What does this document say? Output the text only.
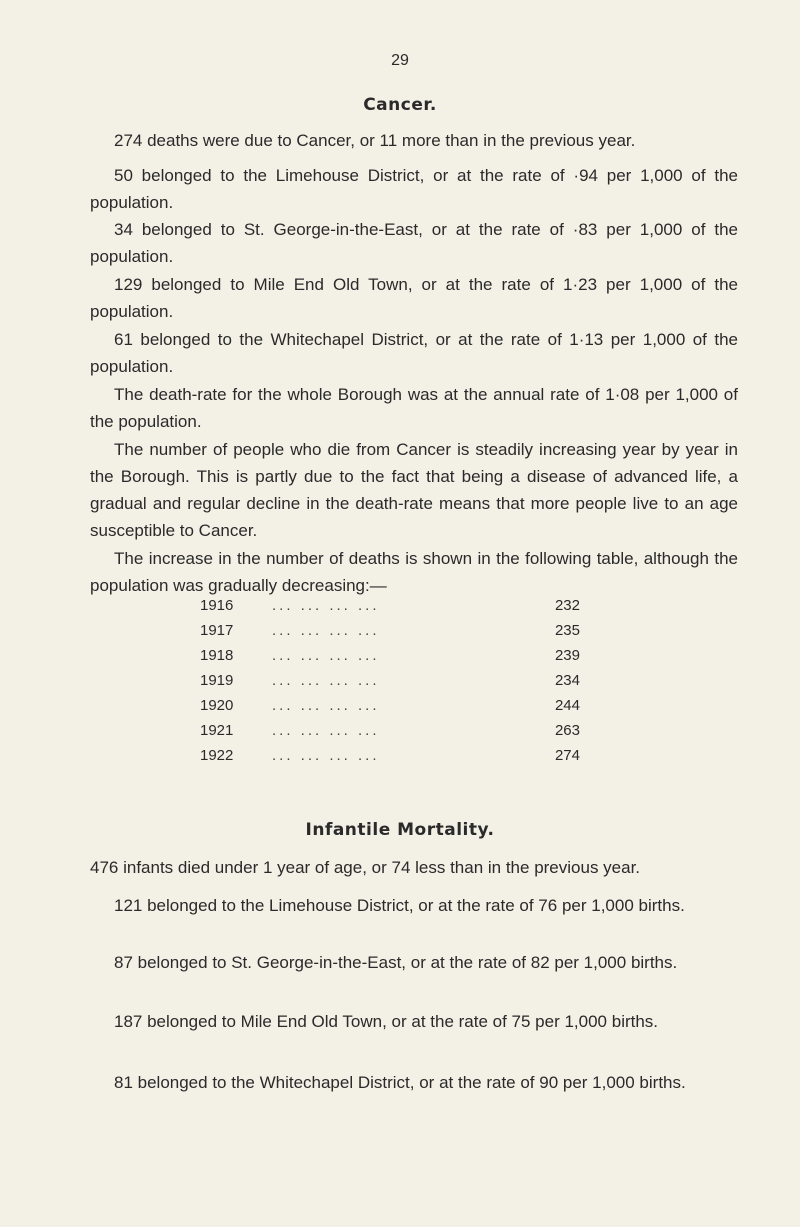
29
Cancer.

274 deaths were due to Cancer, or 11 more than in the previous year.

50 belonged to the Limehouse District, or at the rate of ·94 per 1,000 of the population.

34 belonged to St. George-in-the-East, or at the rate of ·83 per 1,000 of the population.

129 belonged to Mile End Old Town, or at the rate of 1·23 per 1,000 of the population.

61 belonged to the Whitechapel District, or at the rate of 1·13 per 1,000 of the population.

The death-rate for the whole Borough was at the annual rate of 1·08 per 1,000 of the population.

The number of people who die from Cancer is steadily increasing year by year in the Borough. This is partly due to the fact that being a disease of advanced life, a gradual and regular decline in the death-rate means that more people live to an age susceptible to Cancer.

The increase in the number of deaths is shown in the following table, although the population was gradually decreasing:—

1916	... ... ... ...	232
1917	... ... ... ...	235
1918	... ... ... ...	239
1919	... ... ... ...	234
1920	... ... ... ...	244
1921	... ... ... ...	263
1922	... ... ... ...	274
Infantile Mortality.

476 infants died under 1 year of age, or 74 less than in the previous year.

121 belonged to the Limehouse District, or at the rate of 76 per 1,000 births.

87 belonged to St. George-in-the-East, or at the rate of 82 per 1,000 births.

187 belonged to Mile End Old Town, or at the rate of 75 per 1,000 births.

81 belonged to the Whitechapel District, or at the rate of 90 per 1,000 births.
